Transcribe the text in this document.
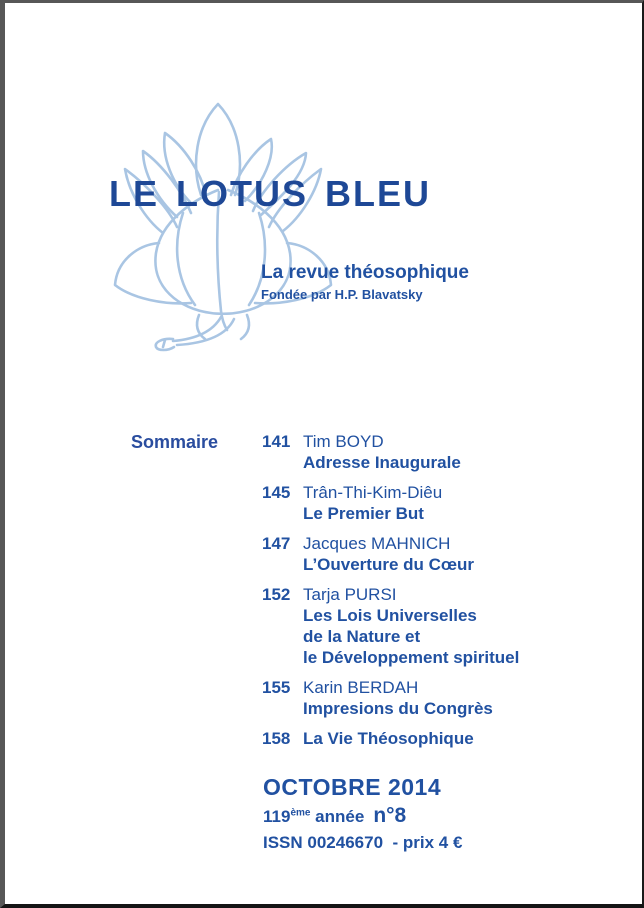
LE LOTUS BLEU
La revue théosophique
Fondée par H.P. Blavatsky
Sommaire	141 Tim BOYD
Adresse Inaugurale
145 Trân-Thi-Kim-Diêu
Le Premier But
147 Jacques MAHNICH
L’Ouverture du Cœur
152 Tarja PURSI
Les Lois Universelles
de la Nature et
le Développement spirituel
155 Karin BERDAH
Impresions du Congrès
158 La Vie Théosophique
OCTOBRE 2014
119ème année n°8
ISSN 00246670  - prix 4 €
